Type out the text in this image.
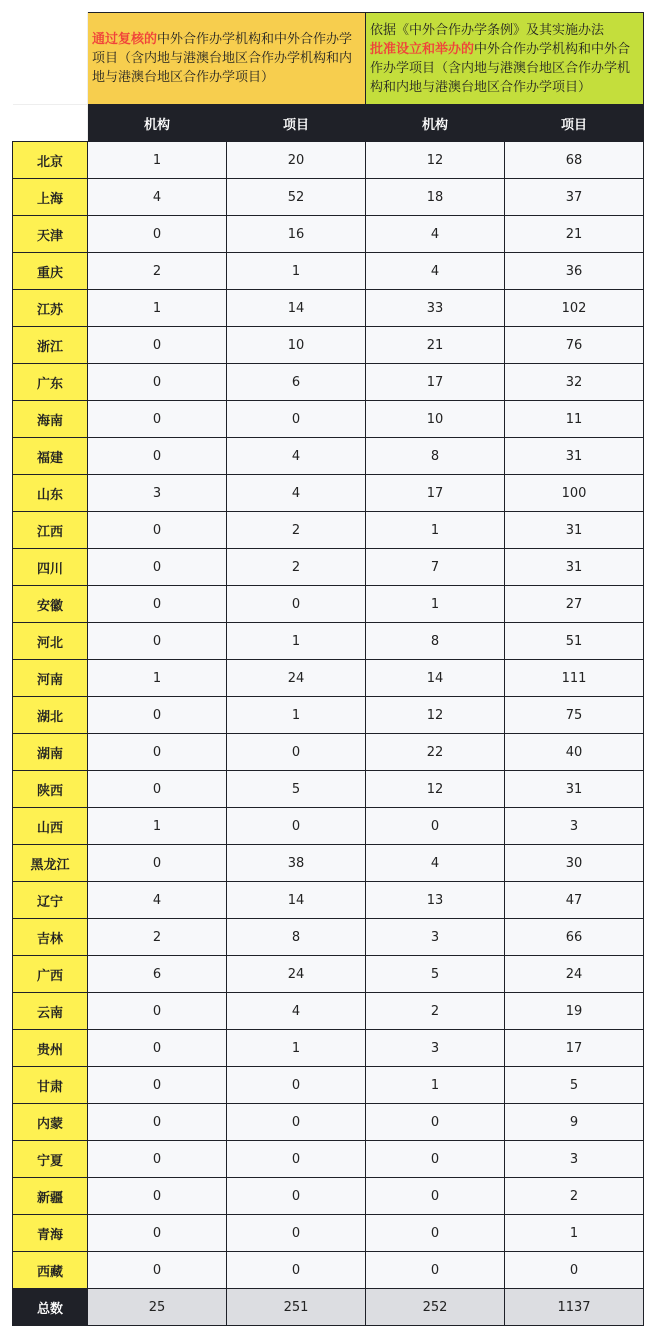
	通过复核的中外合作办学机构和中外合作办学项目（含内地与港澳台地区合作办学机构和内地与港澳台地区合作办学项目）		依据《中外合作办学条例》及其实施办法
批准设立和举办的中外合作办学机构和中外合作办学项目（含内地与港澳台地区合作办学机构和内地与港澳台地区合作办学项目）	
	机构	项目	机构	项目
北京	1	20	12	68
上海	4	52	18	37
天津	0	16	4	21
重庆	2	1	4	36
江苏	1	14	33	102
浙江	0	10	21	76
广东	0	6	17	32
海南	0	0	10	11
福建	0	4	8	31
山东	3	4	17	100
江西	0	2	1	31
四川	0	2	7	31
安徽	0	0	1	27
河北	0	1	8	51
河南	1	24	14	111
湖北	0	1	12	75
湖南	0	0	22	40
陕西	0	5	12	31
山西	1	0	0	3
黑龙江	0	38	4	30
辽宁	4	14	13	47
吉林	2	8	3	66
广西	6	24	5	24
云南	0	4	2	19
贵州	0	1	3	17
甘肃	0	0	1	5
内蒙	0	0	0	9
宁夏	0	0	0	3
新疆	0	0	0	2
青海	0	0	0	1
西藏	0	0	0	0
总数	25	251	252	1137
